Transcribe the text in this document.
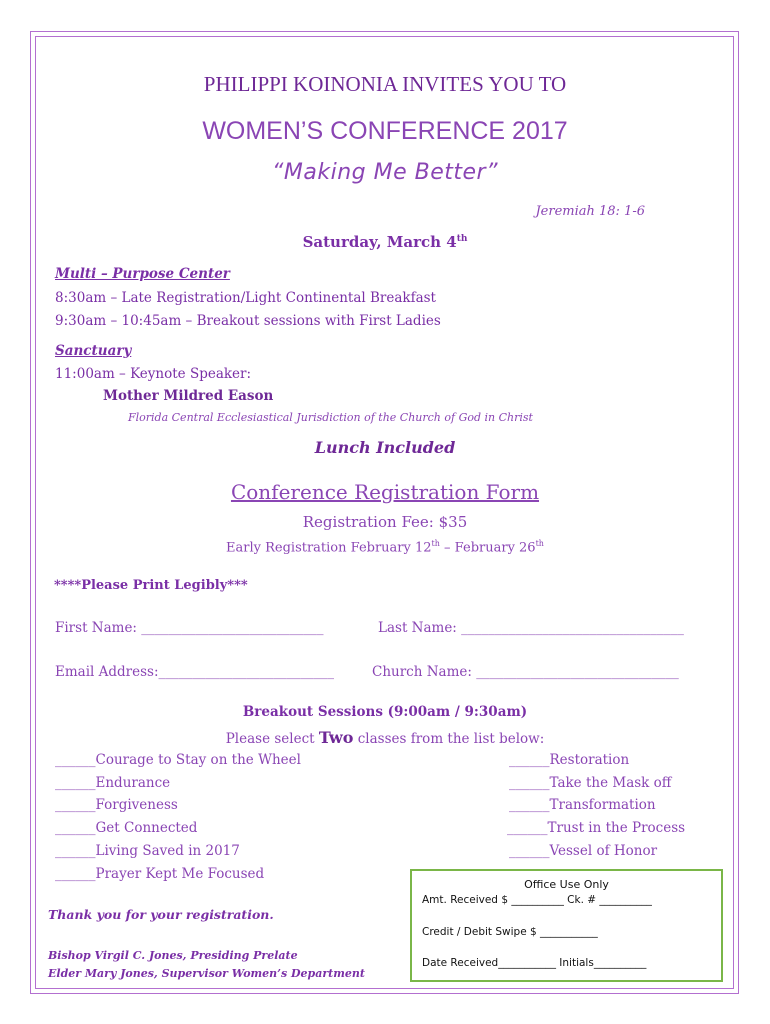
PHILIPPI KOINONIA INVITES YOU TO
WOMEN’S CONFERENCE 2017
“Making Me Better”
Jeremiah 18: 1-6
Saturday, March 4th
Multi – Purpose Center
8:30am – Late Registration/Light Continental Breakfast
9:30am – 10:45am – Breakout sessions with First Ladies
Sanctuary
11:00am – Keynote Speaker:
Mother Mildred Eason
Florida Central Ecclesiastical Jurisdiction of the Church of God in Christ
Lunch Included
Conference Registration Form
Registration Fee: $35
Early Registration February 12th – February 26th
****Please Print Legibly***
First Name: ___________________________	Last Name: _________________________________
Email Address:__________________________	Church Name: ______________________________
Breakout Sessions (9:00am / 9:30am)
Please select Two classes from the list below:
______Courage to Stay on the Wheel
______Endurance
______Forgiveness
______Get Connected
______Living Saved in 2017
______Prayer Kept Me Focused
______Restoration
______Take the Mask off
______Transformation
______Trust in the Process
______Vessel of Honor
Thank you for your registration.
Bishop Virgil C. Jones, Presiding Prelate
Elder Mary Jones, Supervisor Women’s Department
Office Use Only
Amt. Received $ __________ Ck. # __________
Credit / Debit Swipe $ ___________
Date Received___________ Initials__________
